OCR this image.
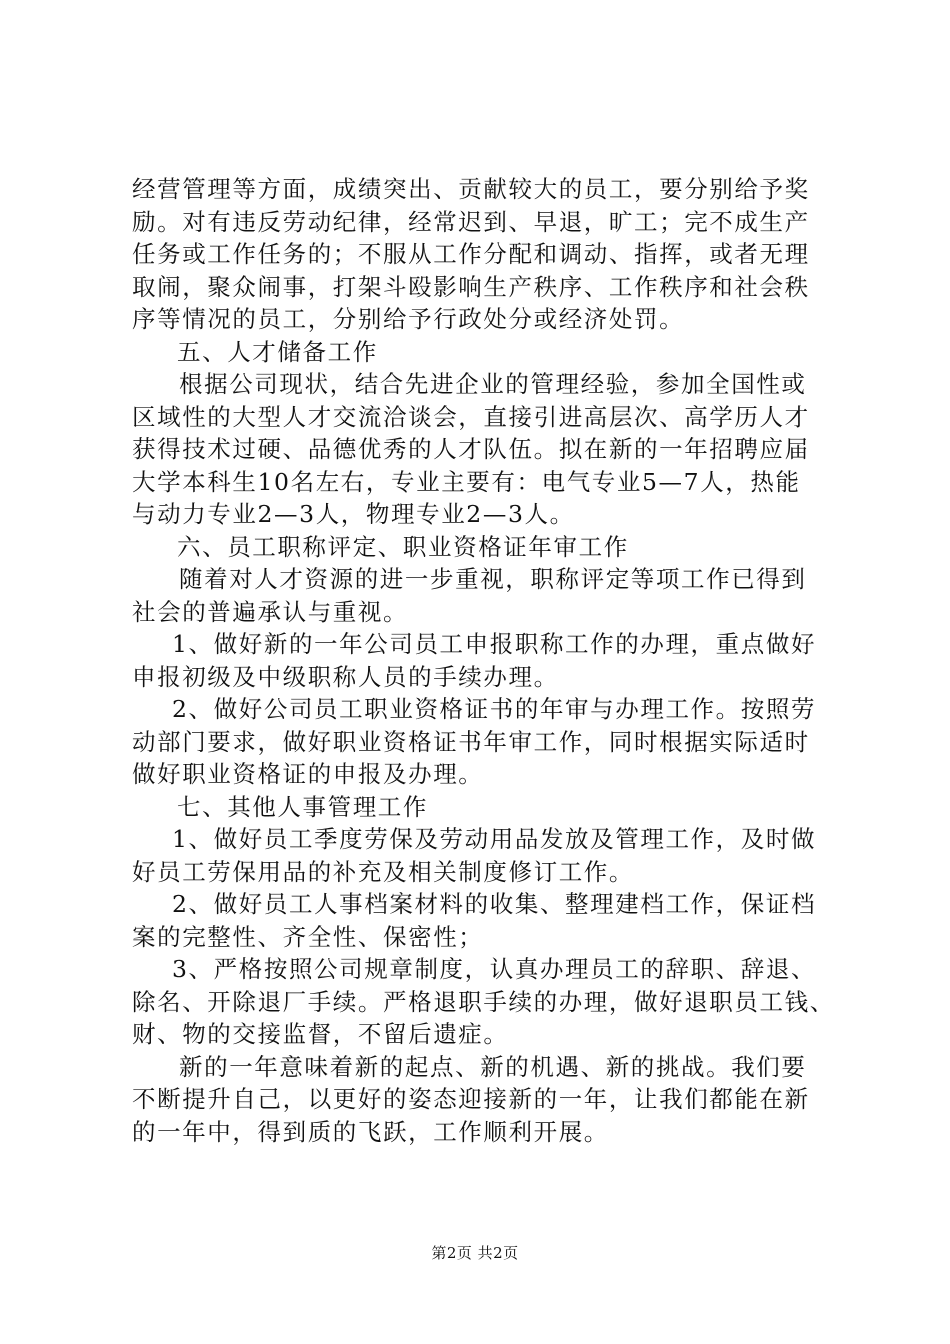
经营管理等方面，成绩突出、贡献较大的员工，要分别给予奖
励。对有违反劳动纪律，经常迟到、早退，旷工；完不成生产
任务或工作任务的；不服从工作分配和调动、指挥，或者无理
取闹，聚众闹事，打架斗殴影响生产秩序、工作秩序和社会秩
序等情况的员工，分别给予行政处分或经济处罚。
五、人才储备工作
根据公司现状，结合先进企业的管理经验，参加全国性或
区域性的大型人才交流洽谈会，直接引进高层次、高学历人才
获得技术过硬、品德优秀的人才队伍。拟在新的一年招聘应届
大学本科生10名左右，专业主要有：电气专业5—7人，热能
与动力专业2—3人，物理专业2—3人。
六、员工职称评定、职业资格证年审工作
随着对人才资源的进一步重视，职称评定等项工作已得到
社会的普遍承认与重视。
1、做好新的一年公司员工申报职称工作的办理，重点做好
申报初级及中级职称人员的手续办理。
2、做好公司员工职业资格证书的年审与办理工作。按照劳
动部门要求，做好职业资格证书年审工作，同时根据实际适时
做好职业资格证的申报及办理。
七、其他人事管理工作
1、做好员工季度劳保及劳动用品发放及管理工作，及时做
好员工劳保用品的补充及相关制度修订工作。
2、做好员工人事档案材料的收集、整理建档工作，保证档
案的完整性、齐全性、保密性；
3、严格按照公司规章制度，认真办理员工的辞职、辞退、
除名、开除退厂手续。严格退职手续的办理，做好退职员工钱、
财、物的交接监督，不留后遗症。
新的一年意味着新的起点、新的机遇、新的挑战。我们要
不断提升自己，以更好的姿态迎接新的一年，让我们都能在新
的一年中，得到质的飞跃，工作顺利开展。
第2页 共2页
